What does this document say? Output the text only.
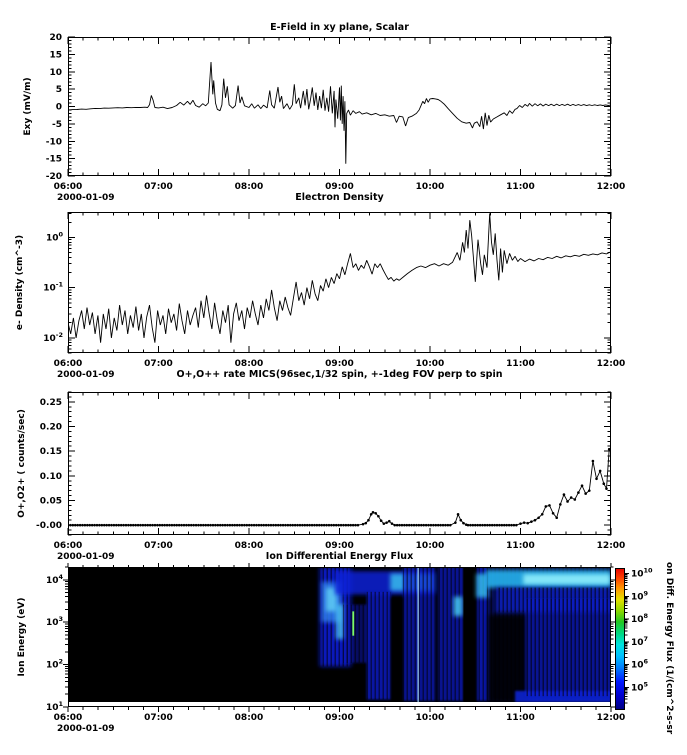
E-Field in xy plane, Scalar
06:00	07:00	08:00	09:00	10:00	11:00	12:00
2000-01-09
-20
-15
-10
-5
0
5
10
15
20
Exy (mV/m)
Electron Density
06:00	07:00	08:00	09:00	10:00	11:00	12:00
2000-01-09
$10^{-2}$
$10^{-1}$
$10^0$
e- Density (cm^-3)
O+,O++ rate MICS(96sec,1/32 spin, +-1deg FOV perp to spin
06:00	07:00	08:00	09:00	10:00	11:00	12:00
2000-01-09
-0.00
0.05
0.10
0.15
0.20
0.25
O+,O2+ ( counts/sec)
Ion Differential Energy Flux
06:00	07:00	08:00	09:00	10:00	11:00	12:00
2000-01-09
$10^1$
$10^2$
$10^3$
$10^4$
Ion Energy (eV)
$10^5$
$10^6$
$10^7$
$10^8$
$10^9$
$10^{10}$ on Diff. Energy Flux (1/(cm^2-s-sr
